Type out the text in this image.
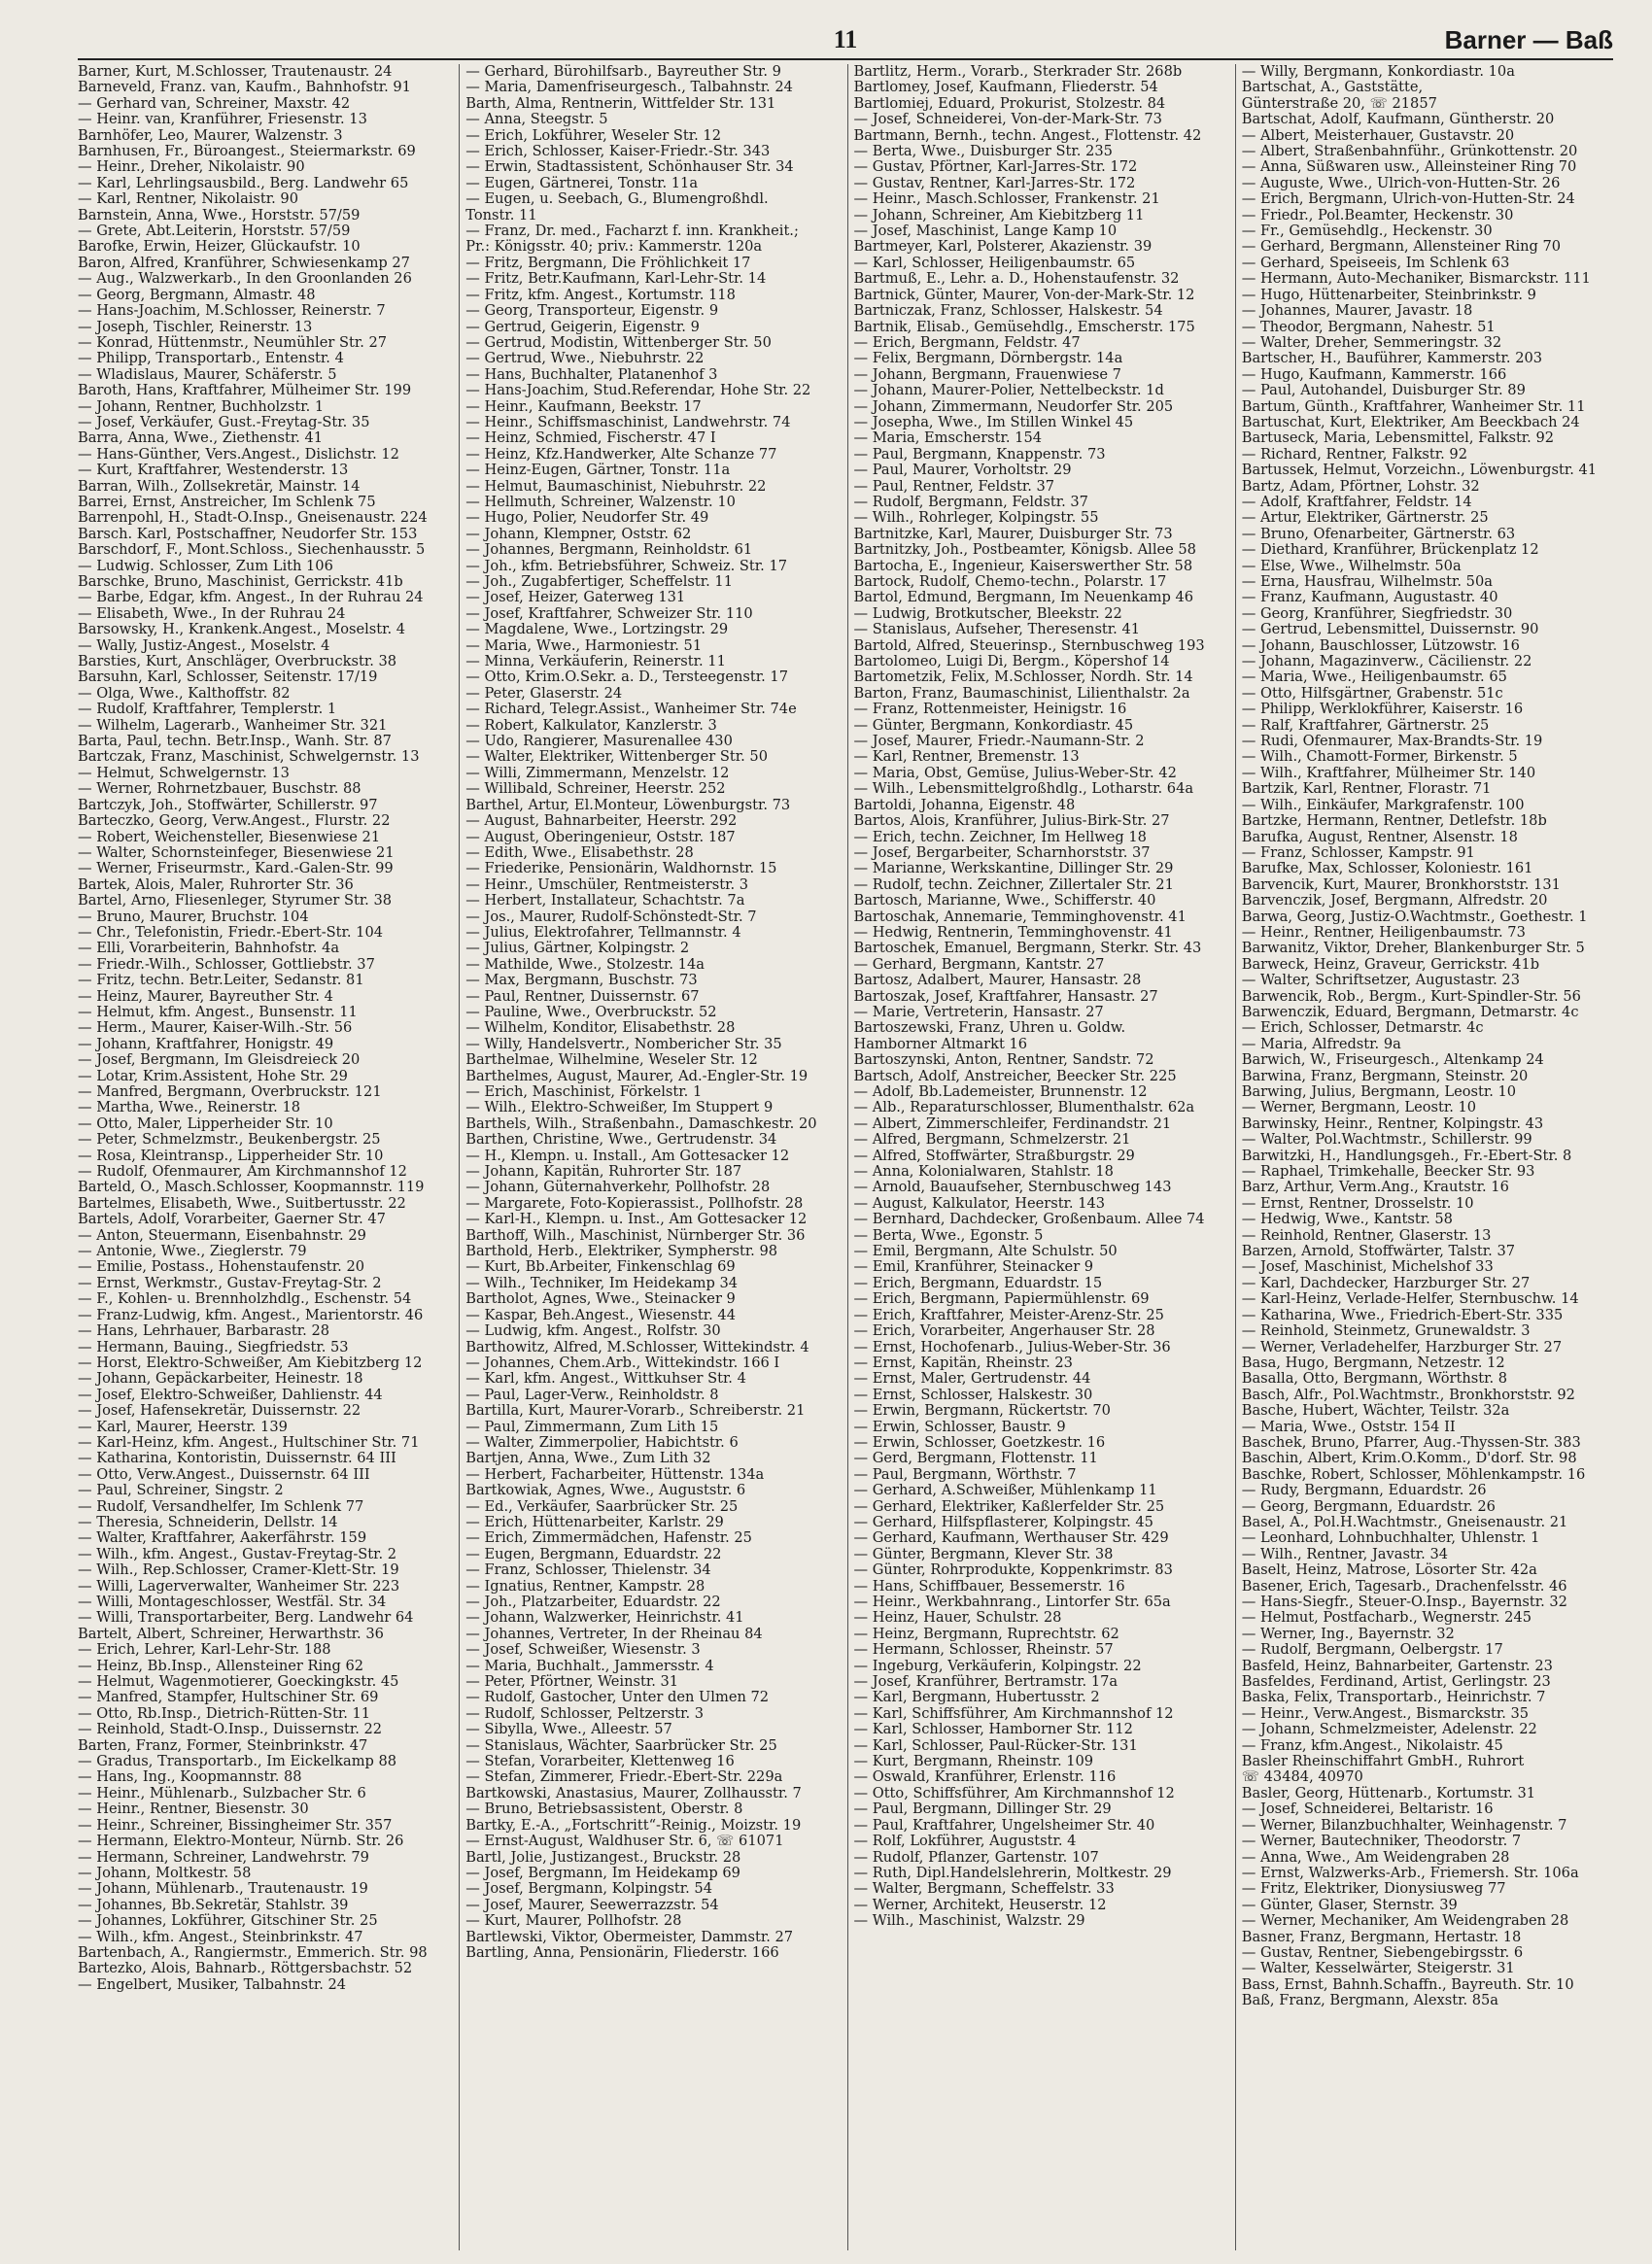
11	Barner — Baß
Barner, Kurt, M.Schlosser, Trautenaustr. 24
Barneveld, Franz. van, Kaufm., Bahnhofstr. 91
— Gerhard van, Schreiner, Maxstr. 42
— Heinr. van, Kranführer, Friesenstr. 13
Barnhöfer, Leo, Maurer, Walzenstr. 3
Barnhusen, Fr., Büroangest., Steiermarkstr. 69
— Heinr., Dreher, Nikolaistr. 90
— Karl, Lehrlingsausbild., Berg. Landwehr 65
— Karl, Rentner, Nikolaistr. 90
Barnstein, Anna, Wwe., Horststr. 57/59
— Grete, Abt.Leiterin, Horststr. 57/59
Barofke, Erwin, Heizer, Glückaufstr. 10
Baron, Alfred, Kranführer, Schwiesenkamp 27
— Aug., Walzwerkarb., In den Groonlanden 26
— Georg, Bergmann, Almastr. 48
— Hans-Joachim, M.Schlosser, Reinerstr. 7
— Joseph, Tischler, Reinerstr. 13
— Konrad, Hüttenmstr., Neumühler Str. 27
— Philipp, Transportarb., Entenstr. 4
— Wladislaus, Maurer, Schäferstr. 5
Baroth, Hans, Kraftfahrer, Mülheimer Str. 199
— Johann, Rentner, Buchholzstr. 1
— Josef, Verkäufer, Gust.-Freytag-Str. 35
Barra, Anna, Wwe., Ziethenstr. 41
— Hans-Günther, Vers.Angest., Dislichstr. 12
— Kurt, Kraftfahrer, Westenderstr. 13
Barran, Wilh., Zollsekretär, Mainstr. 14
Barrei, Ernst, Anstreicher, Im Schlenk 75
Barrenpohl, H., Stadt-O.Insp., Gneisenaustr. 224
Barsch. Karl, Postschaffner, Neudorfer Str. 153
Barschdorf, F., Mont.Schloss., Siechenhausstr. 5
— Ludwig. Schlosser, Zum Lith 106
Barschke, Bruno, Maschinist, Gerrickstr. 41b
— Barbe, Edgar, kfm. Angest., In der Ruhrau 24
— Elisabeth, Wwe., In der Ruhrau 24
Barsowsky, H., Krankenk.Angest., Moselstr. 4
— Wally, Justiz-Angest., Moselstr. 4
Barsties, Kurt, Anschläger, Overbruckstr. 38
Barsuhn, Karl, Schlosser, Seitenstr. 17/19
— Olga, Wwe., Kalthoffstr. 82
— Rudolf, Kraftfahrer, Templerstr. 1
— Wilhelm, Lagerarb., Wanheimer Str. 321
Barta, Paul, techn. Betr.Insp., Wanh. Str. 87
Bartczak, Franz, Maschinist, Schwelgernstr. 13
— Helmut, Schwelgernstr. 13
— Werner, Rohrnetzbauer, Buschstr. 88
Bartczyk, Joh., Stoffwärter, Schillerstr. 97
Barteczko, Georg, Verw.Angest., Flurstr. 22
— Robert, Weichensteller, Biesenwiese 21
— Walter, Schornsteinfeger, Biesenwiese 21
— Werner, Friseurmstr., Kard.-Galen-Str. 99
Bartek, Alois, Maler, Ruhrorter Str. 36
Bartel, Arno, Fliesenleger, Styrumer Str. 38
— Bruno, Maurer, Bruchstr. 104
— Chr., Telefonistin, Friedr.-Ebert-Str. 104
— Elli, Vorarbeiterin, Bahnhofstr. 4a
— Friedr.-Wilh., Schlosser, Gottliebstr. 37
— Fritz, techn. Betr.Leiter, Sedanstr. 81
— Heinz, Maurer, Bayreuther Str. 4
— Helmut, kfm. Angest., Bunsenstr. 11
— Herm., Maurer, Kaiser-Wilh.-Str. 56
— Johann, Kraftfahrer, Honigstr. 49
— Josef, Bergmann, Im Gleisdreieck 20
— Lotar, Krim.Assistent, Hohe Str. 29
— Manfred, Bergmann, Overbruckstr. 121
— Martha, Wwe., Reinerstr. 18
— Otto, Maler, Lipperheider Str. 10
— Peter, Schmelzmstr., Beukenbergstr. 25
— Rosa, Kleintransp., Lipperheider Str. 10
— Rudolf, Ofenmaurer, Am Kirchmannshof 12
Barteld, O., Masch.Schlosser, Koopmannstr. 119
Bartelmes, Elisabeth, Wwe., Suitbertusstr. 22
Bartels, Adolf, Vorarbeiter, Gaerner Str. 47
— Anton, Steuermann, Eisenbahnstr. 29
— Antonie, Wwe., Zieglerstr. 79
— Emilie, Postass., Hohenstaufenstr. 20
— Ernst, Werkmstr., Gustav-Freytag-Str. 2
— F., Kohlen- u. Brennholzhdlg., Eschenstr. 54
— Franz-Ludwig, kfm. Angest., Marientorstr. 46
— Hans, Lehrhauer, Barbarastr. 28
— Hermann, Bauing., Siegfriedstr. 53
— Horst, Elektro-Schweißer, Am Kiebitzberg 12
— Johann, Gepäckarbeiter, Heinestr. 18
— Josef, Elektro-Schweißer, Dahlienstr. 44
— Josef, Hafensekretär, Duissernstr. 22
— Karl, Maurer, Heerstr. 139
— Karl-Heinz, kfm. Angest., Hultschiner Str. 71
— Katharina, Kontoristin, Duissernstr. 64 III
— Otto, Verw.Angest., Duissernstr. 64 III
— Paul, Schreiner, Singstr. 2
— Rudolf, Versandhelfer, Im Schlenk 77
— Theresia, Schneiderin, Dellstr. 14
— Walter, Kraftfahrer, Aakerfährstr. 159
— Wilh., kfm. Angest., Gustav-Freytag-Str. 2
— Wilh., Rep.Schlosser, Cramer-Klett-Str. 19
— Willi, Lagerverwalter, Wanheimer Str. 223
— Willi, Montageschlosser, Westfäl. Str. 34
— Willi, Transportarbeiter, Berg. Landwehr 64
Bartelt, Albert, Schreiner, Herwarthstr. 36
— Erich, Lehrer, Karl-Lehr-Str. 188
— Heinz, Bb.Insp., Allensteiner Ring 62
— Helmut, Wagenmotierer, Goeckingkstr. 45
— Manfred, Stampfer, Hultschiner Str. 69
— Otto, Rb.Insp., Dietrich-Rütten-Str. 11
— Reinhold, Stadt-O.Insp., Duissernstr. 22
Barten, Franz, Former, Steinbrinkstr. 47
— Gradus, Transportarb., Im Eickelkamp 88
— Hans, Ing., Koopmannstr. 88
— Heinr., Mühlenarb., Sulzbacher Str. 6
— Heinr., Rentner, Biesenstr. 30
— Heinr., Schreiner, Bissingheimer Str. 357
— Hermann, Elektro-Monteur, Nürnb. Str. 26
— Hermann, Schreiner, Landwehrstr. 79
— Johann, Moltkestr. 58
— Johann, Mühlenarb., Trautenaustr. 19
— Johannes, Bb.Sekretär, Stahlstr. 39
— Johannes, Lokführer, Gitschiner Str. 25
— Wilh., kfm. Angest., Steinbrinkstr. 47
Bartenbach, A., Rangiermstr., Emmerich. Str. 98
Bartezko, Alois, Bahnarb., Röttgersbachstr. 52
— Engelbert, Musiker, Talbahnstr. 24
— Gerhard, Bürohilfsarb., Bayreuther Str. 9
— Maria, Damenfriseurgesch., Talbahnstr. 24
Barth, Alma, Rentnerin, Wittfelder Str. 131
— Anna, Steegstr. 5
— Erich, Lokführer, Weseler Str. 12
— Erich, Schlosser, Kaiser-Friedr.-Str. 343
— Erwin, Stadtassistent, Schönhauser Str. 34
— Eugen, Gärtnerei, Tonstr. 11a
— Eugen, u. Seebach, G., Blumengroßhdl.
Tonstr. 11
— Franz, Dr. med., Facharzt f. inn. Krankheit.;
Pr.: Königsstr. 40; priv.: Kammerstr. 120a
— Fritz, Bergmann, Die Fröhlichkeit 17
— Fritz, Betr.Kaufmann, Karl-Lehr-Str. 14
— Fritz, kfm. Angest., Kortumstr. 118
— Georg, Transporteur, Eigenstr. 9
— Gertrud, Geigerin, Eigenstr. 9
— Gertrud, Modistin, Wittenberger Str. 50
— Gertrud, Wwe., Niebuhrstr. 22
— Hans, Buchhalter, Platanenhof 3
— Hans-Joachim, Stud.Referendar, Hohe Str. 22
— Heinr., Kaufmann, Beekstr. 17
— Heinr., Schiffsmaschinist, Landwehrstr. 74
— Heinz, Schmied, Fischerstr. 47 I
— Heinz, Kfz.Handwerker, Alte Schanze 77
— Heinz-Eugen, Gärtner, Tonstr. 11a
— Helmut, Baumaschinist, Niebuhrstr. 22
— Hellmuth, Schreiner, Walzenstr. 10
— Hugo, Polier, Neudorfer Str. 49
— Johann, Klempner, Oststr. 62
— Johannes, Bergmann, Reinholdstr. 61
— Joh., kfm. Betriebsführer, Schweiz. Str. 17
— Joh., Zugabfertiger, Scheffelstr. 11
— Josef, Heizer, Gaterweg 131
— Josef, Kraftfahrer, Schweizer Str. 110
— Magdalene, Wwe., Lortzingstr. 29
— Maria, Wwe., Harmoniestr. 51
— Minna, Verkäuferin, Reinerstr. 11
— Otto, Krim.O.Sekr. a. D., Tersteegenstr. 17
— Peter, Glaserstr. 24
— Richard, Telegr.Assist., Wanheimer Str. 74e
— Robert, Kalkulator, Kanzlerstr. 3
— Udo, Rangierer, Masurenallee 430
— Walter, Elektriker, Wittenberger Str. 50
— Willi, Zimmermann, Menzelstr. 12
— Willibald, Schreiner, Heerstr. 252
Barthel, Artur, El.Monteur, Löwenburgstr. 73
— August, Bahnarbeiter, Heerstr. 292
— August, Oberingenieur, Oststr. 187
— Edith, Wwe., Elisabethstr. 28
— Friederike, Pensionärin, Waldhornstr. 15
— Heinr., Umschüler, Rentmeisterstr. 3
— Herbert, Installateur, Schachtstr. 7a
— Jos., Maurer, Rudolf-Schönstedt-Str. 7
— Julius, Elektrofahrer, Tellmannstr. 4
— Julius, Gärtner, Kolpingstr. 2
— Mathilde, Wwe., Stolzestr. 14a
— Max, Bergmann, Buschstr. 73
— Paul, Rentner, Duissernstr. 67
— Pauline, Wwe., Overbruckstr. 52
— Wilhelm, Konditor, Elisabethstr. 28
— Willy, Handelsvertr., Nombericher Str. 35
Barthelmae, Wilhelmine, Weseler Str. 12
Barthelmes, August, Maurer, Ad.-Engler-Str. 19
— Erich, Maschinist, Förkelstr. 1
— Wilh., Elektro-Schweißer, Im Stuppert 9
Barthels, Wilh., Straßenbahn., Damaschkestr. 20
Barthen, Christine, Wwe., Gertrudenstr. 34
— H., Klempn. u. Install., Am Gottesacker 12
— Johann, Kapitän, Ruhrorter Str. 187
— Johann, Güternahverkehr, Pollhofstr. 28
— Margarete, Foto-Kopierassist., Pollhofstr. 28
— Karl-H., Klempn. u. Inst., Am Gottesacker 12
Barthoff, Wilh., Maschinist, Nürnberger Str. 36
Barthold, Herb., Elektriker, Sympherstr. 98
— Kurt, Bb.Arbeiter, Finkenschlag 69
— Wilh., Techniker, Im Heidekamp 34
Bartholot, Agnes, Wwe., Steinacker 9
— Kaspar, Beh.Angest., Wiesenstr. 44
— Ludwig, kfm. Angest., Rolfstr. 30
Barthowitz, Alfred, M.Schlosser, Wittekindstr. 4
— Johannes, Chem.Arb., Wittekindstr. 166 I
— Karl, kfm. Angest., Wittkuhser Str. 4
— Paul, Lager-Verw., Reinholdstr. 8
Bartilla, Kurt, Maurer-Vorarb., Schreiberstr. 21
— Paul, Zimmermann, Zum Lith 15
— Walter, Zimmerpolier, Habichtstr. 6
Bartjen, Anna, Wwe., Zum Lith 32
— Herbert, Facharbeiter, Hüttenstr. 134a
Bartkowiak, Agnes, Wwe., Auguststr. 6
— Ed., Verkäufer, Saarbrücker Str. 25
— Erich, Hüttenarbeiter, Karlstr. 29
— Erich, Zimmermädchen, Hafenstr. 25
— Eugen, Bergmann, Eduardstr. 22
— Franz, Schlosser, Thielenstr. 34
— Ignatius, Rentner, Kampstr. 28
— Joh., Platzarbeiter, Eduardstr. 22
— Johann, Walzwerker, Heinrichstr. 41
— Johannes, Vertreter, In der Rheinau 84
— Josef, Schweißer, Wiesenstr. 3
— Maria, Buchhalt., Jammersstr. 4
— Peter, Pförtner, Weinstr. 31
— Rudolf, Gastocher, Unter den Ulmen 72
— Rudolf, Schlosser, Peltzerstr. 3
— Sibylla, Wwe., Alleestr. 57
— Stanislaus, Wächter, Saarbrücker Str. 25
— Stefan, Vorarbeiter, Klettenweg 16
— Stefan, Zimmerer, Friedr.-Ebert-Str. 229a
Bartkowski, Anastasius, Maurer, Zollhausstr. 7
— Bruno, Betriebsassistent, Oberstr. 8
Bartky, E.-A., „Fortschritt“-Reinig., Moizstr. 19
— Ernst-August, Waldhuser Str. 6, ☏ 61071
Bartl, Jolie, Justizangest., Bruckstr. 28
— Josef, Bergmann, Im Heidekamp 69
— Josef, Bergmann, Kolpingstr. 54
— Josef, Maurer, Seewerrazzstr. 54
— Kurt, Maurer, Pollhofstr. 28
Bartlewski, Viktor, Obermeister, Dammstr. 27
Bartling, Anna, Pensionärin, Fliederstr. 166
Bartlitz, Herm., Vorarb., Sterkrader Str. 268b
Bartlomey, Josef, Kaufmann, Fliederstr. 54
Bartlomiej, Eduard, Prokurist, Stolzestr. 84
— Josef, Schneiderei, Von-der-Mark-Str. 73
Bartmann, Bernh., techn. Angest., Flottenstr. 42
— Berta, Wwe., Duisburger Str. 235
— Gustav, Pförtner, Karl-Jarres-Str. 172
— Gustav, Rentner, Karl-Jarres-Str. 172
— Heinr., Masch.Schlosser, Frankenstr. 21
— Johann, Schreiner, Am Kiebitzberg 11
— Josef, Maschinist, Lange Kamp 10
Bartmeyer, Karl, Polsterer, Akazienstr. 39
— Karl, Schlosser, Heiligenbaumstr. 65
Bartmuß, E., Lehr. a. D., Hohenstaufenstr. 32
Bartnick, Günter, Maurer, Von-der-Mark-Str. 12
Bartniczak, Franz, Schlosser, Halskestr. 54
Bartnik, Elisab., Gemüsehdlg., Emscherstr. 175
— Erich, Bergmann, Feldstr. 47
— Felix, Bergmann, Dörnbergstr. 14a
— Johann, Bergmann, Frauenwiese 7
— Johann, Maurer-Polier, Nettelbeckstr. 1d
— Johann, Zimmermann, Neudorfer Str. 205
— Josepha, Wwe., Im Stillen Winkel 45
— Maria, Emscherstr. 154
— Paul, Bergmann, Knappenstr. 73
— Paul, Maurer, Vorholtstr. 29
— Paul, Rentner, Feldstr. 37
— Rudolf, Bergmann, Feldstr. 37
— Wilh., Rohrleger, Kolpingstr. 55
Bartnitzke, Karl, Maurer, Duisburger Str. 73
Bartnitzky, Joh., Postbeamter, Königsb. Allee 58
Bartocha, E., Ingenieur, Kaiserswerther Str. 58
Bartock, Rudolf, Chemo-techn., Polarstr. 17
Bartol, Edmund, Bergmann, Im Neuenkamp 46
— Ludwig, Brotkutscher, Bleekstr. 22
— Stanislaus, Aufseher, Theresenstr. 41
Bartold, Alfred, Steuerinsp., Sternbuschweg 193
Bartolomeo, Luigi Di, Bergm., Köpershof 14
Bartometzik, Felix, M.Schlosser, Nordh. Str. 14
Barton, Franz, Baumaschinist, Lilienthalstr. 2a
— Franz, Rottenmeister, Heinigstr. 16
— Günter, Bergmann, Konkordiastr. 45
— Josef, Maurer, Friedr.-Naumann-Str. 2
— Karl, Rentner, Bremenstr. 13
— Maria, Obst, Gemüse, Julius-Weber-Str. 42
— Wilh., Lebensmittelgroßhdlg., Lotharstr. 64a
Bartoldi, Johanna, Eigenstr. 48
Bartos, Alois, Kranführer, Julius-Birk-Str. 27
— Erich, techn. Zeichner, Im Hellweg 18
— Josef, Bergarbeiter, Scharnhorststr. 37
— Marianne, Werkskantine, Dillinger Str. 29
— Rudolf, techn. Zeichner, Zillertaler Str. 21
Bartosch, Marianne, Wwe., Schifferstr. 40
Bartoschak, Annemarie, Temminghovenstr. 41
— Hedwig, Rentnerin, Temminghovenstr. 41
Bartoschek, Emanuel, Bergmann, Sterkr. Str. 43
— Gerhard, Bergmann, Kantstr. 27
Bartosz, Adalbert, Maurer, Hansastr. 28
Bartoszak, Josef, Kraftfahrer, Hansastr. 27
— Marie, Vertreterin, Hansastr. 27
Bartoszewski, Franz, Uhren u. Goldw.
Hamborner Altmarkt 16
Bartoszynski, Anton, Rentner, Sandstr. 72
Bartsch, Adolf, Anstreicher, Beecker Str. 225
— Adolf, Bb.Lademeister, Brunnenstr. 12
— Alb., Reparaturschlosser, Blumenthalstr. 62a
— Albert, Zimmerschleifer, Ferdinandstr. 21
— Alfred, Bergmann, Schmelzerstr. 21
— Alfred, Stoffwärter, Straßburgstr. 29
— Anna, Kolonialwaren, Stahlstr. 18
— Arnold, Bauaufseher, Sternbuschweg 143
— August, Kalkulator, Heerstr. 143
— Bernhard, Dachdecker, Großenbaum. Allee 74
— Berta, Wwe., Egonstr. 5
— Emil, Bergmann, Alte Schulstr. 50
— Emil, Kranführer, Steinacker 9
— Erich, Bergmann, Eduardstr. 15
— Erich, Bergmann, Papiermühlenstr. 69
— Erich, Kraftfahrer, Meister-Arenz-Str. 25
— Erich, Vorarbeiter, Angerhauser Str. 28
— Ernst, Hochofenarb., Julius-Weber-Str. 36
— Ernst, Kapitän, Rheinstr. 23
— Ernst, Maler, Gertrudenstr. 44
— Ernst, Schlosser, Halskestr. 30
— Erwin, Bergmann, Rückertstr. 70
— Erwin, Schlosser, Baustr. 9
— Erwin, Schlosser, Goetzkestr. 16
— Gerd, Bergmann, Flottenstr. 11
— Paul, Bergmann, Wörthstr. 7
— Gerhard, A.Schweißer, Mühlenkamp 11
— Gerhard, Elektriker, Kaßlerfelder Str. 25
— Gerhard, Hilfspflasterer, Kolpingstr. 45
— Gerhard, Kaufmann, Werthauser Str. 429
— Günter, Bergmann, Klever Str. 38
— Günter, Rohrprodukte, Koppenkrimstr. 83
— Hans, Schiffbauer, Bessemerstr. 16
— Heinr., Werkbahnrang., Lintorfer Str. 65a
— Heinz, Hauer, Schulstr. 28
— Heinz, Bergmann, Ruprechtstr. 62
— Hermann, Schlosser, Rheinstr. 57
— Ingeburg, Verkäuferin, Kolpingstr. 22
— Josef, Kranführer, Bertramstr. 17a
— Karl, Bergmann, Hubertusstr. 2
— Karl, Schiffsführer, Am Kirchmannshof 12
— Karl, Schlosser, Hamborner Str. 112
— Karl, Schlosser, Paul-Rücker-Str. 131
— Kurt, Bergmann, Rheinstr. 109
— Oswald, Kranführer, Erlenstr. 116
— Otto, Schiffsführer, Am Kirchmannshof 12
— Paul, Bergmann, Dillinger Str. 29
— Paul, Kraftfahrer, Ungelsheimer Str. 40
— Rolf, Lokführer, Auguststr. 4
— Rudolf, Pflanzer, Gartenstr. 107
— Ruth, Dipl.Handelslehrerin, Moltkestr. 29
— Walter, Bergmann, Scheffelstr. 33
— Werner, Architekt, Heuserstr. 12
— Wilh., Maschinist, Walzstr. 29
— Willy, Bergmann, Konkordiastr. 10a
Bartschat, A., Gaststätte,
Günterstraße 20, ☏ 21857
Bartschat, Adolf, Kaufmann, Güntherstr. 20
— Albert, Meisterhauer, Gustavstr. 20
— Albert, Straßenbahnführ., Grünkottenstr. 20
— Anna, Süßwaren usw., Alleinsteiner Ring 70
— Auguste, Wwe., Ulrich-von-Hutten-Str. 26
— Erich, Bergmann, Ulrich-von-Hutten-Str. 24
— Friedr., Pol.Beamter, Heckenstr. 30
— Fr., Gemüsehdlg., Heckenstr. 30
— Gerhard, Bergmann, Allensteiner Ring 70
— Gerhard, Speiseeis, Im Schlenk 63
— Hermann, Auto-Mechaniker, Bismarckstr. 111
— Hugo, Hüttenarbeiter, Steinbrinkstr. 9
— Johannes, Maurer, Javastr. 18
— Theodor, Bergmann, Nahestr. 51
— Walter, Dreher, Semmeringstr. 32
Bartscher, H., Bauführer, Kammerstr. 203
— Hugo, Kaufmann, Kammerstr. 166
— Paul, Autohandel, Duisburger Str. 89
Bartum, Günth., Kraftfahrer, Wanheimer Str. 11
Bartuschat, Kurt, Elektriker, Am Beeckbach 24
Bartuseck, Maria, Lebensmittel, Falkstr. 92
— Richard, Rentner, Falkstr. 92
Bartussek, Helmut, Vorzeichn., Löwenburgstr. 41
Bartz, Adam, Pförtner, Lohstr. 32
— Adolf, Kraftfahrer, Feldstr. 14
— Artur, Elektriker, Gärtnerstr. 25
— Bruno, Ofenarbeiter, Gärtnerstr. 63
— Diethard, Kranführer, Brückenplatz 12
— Else, Wwe., Wilhelmstr. 50a
— Erna, Hausfrau, Wilhelmstr. 50a
— Franz, Kaufmann, Augustastr. 40
— Georg, Kranführer, Siegfriedstr. 30
— Gertrud, Lebensmittel, Duissernstr. 90
— Johann, Bauschlosser, Lützowstr. 16
— Johann, Magazinverw., Cäcilienstr. 22
— Maria, Wwe., Heiligenbaumstr. 65
— Otto, Hilfsgärtner, Grabenstr. 51c
— Philipp, Werklokführer, Kaiserstr. 16
— Ralf, Kraftfahrer, Gärtnerstr. 25
— Rudi, Ofenmaurer, Max-Brandts-Str. 19
— Wilh., Chamott-Former, Birkenstr. 5
— Wilh., Kraftfahrer, Mülheimer Str. 140
Bartzik, Karl, Rentner, Florastr. 71
— Wilh., Einkäufer, Markgrafenstr. 100
Bartzke, Hermann, Rentner, Detlefstr. 18b
Barufka, August, Rentner, Alsenstr. 18
— Franz, Schlosser, Kampstr. 91
Barufke, Max, Schlosser, Koloniestr. 161
Barvencik, Kurt, Maurer, Bronkhorststr. 131
Barvenczik, Josef, Bergmann, Alfredstr. 20
Barwa, Georg, Justiz-O.Wachtmstr., Goethestr. 1
— Heinr., Rentner, Heiligenbaumstr. 73
Barwanitz, Viktor, Dreher, Blankenburger Str. 5
Barweck, Heinz, Graveur, Gerrickstr. 41b
— Walter, Schriftsetzer, Augustastr. 23
Barwencik, Rob., Bergm., Kurt-Spindler-Str. 56
Barwenczik, Eduard, Bergmann, Detmarstr. 4c
— Erich, Schlosser, Detmarstr. 4c
— Maria, Alfredstr. 9a
Barwich, W., Friseurgesch., Altenkamp 24
Barwina, Franz, Bergmann, Steinstr. 20
Barwing, Julius, Bergmann, Leostr. 10
— Werner, Bergmann, Leostr. 10
Barwinsky, Heinr., Rentner, Kolpingstr. 43
— Walter, Pol.Wachtmstr., Schillerstr. 99
Barwitzki, H., Handlungsgeh., Fr.-Ebert-Str. 8
— Raphael, Trimkehalle, Beecker Str. 93
Barz, Arthur, Verm.Ang., Krautstr. 16
— Ernst, Rentner, Drosselstr. 10
— Hedwig, Wwe., Kantstr. 58
— Reinhold, Rentner, Glaserstr. 13
Barzen, Arnold, Stoffwärter, Talstr. 37
— Josef, Maschinist, Michelshof 33
— Karl, Dachdecker, Harzburger Str. 27
— Karl-Heinz, Verlade-Helfer, Sternbuschw. 14
— Katharina, Wwe., Friedrich-Ebert-Str. 335
— Reinhold, Steinmetz, Grunewaldstr. 3
— Werner, Verladehelfer, Harzburger Str. 27
Basa, Hugo, Bergmann, Netzestr. 12
Basalla, Otto, Bergmann, Wörthstr. 8
Basch, Alfr., Pol.Wachtmstr., Bronkhorststr. 92
Basche, Hubert, Wächter, Teilstr. 32a
— Maria, Wwe., Oststr. 154 II
Baschek, Bruno, Pfarrer, Aug.-Thyssen-Str. 383
Baschin, Albert, Krim.O.Komm., D'dorf. Str. 98
Baschke, Robert, Schlosser, Möhlenkampstr. 16
— Rudy, Bergmann, Eduardstr. 26
— Georg, Bergmann, Eduardstr. 26
Basel, A., Pol.H.Wachtmstr., Gneisenaustr. 21
— Leonhard, Lohnbuchhalter, Uhlenstr. 1
— Wilh., Rentner, Javastr. 34
Baselt, Heinz, Matrose, Lösorter Str. 42a
Basener, Erich, Tagesarb., Drachenfelsstr. 46
— Hans-Siegfr., Steuer-O.Insp., Bayernstr. 32
— Helmut, Postfacharb., Wegnerstr. 245
— Werner, Ing., Bayernstr. 32
— Rudolf, Bergmann, Oelbergstr. 17
Basfeld, Heinz, Bahnarbeiter, Gartenstr. 23
Basfeldes, Ferdinand, Artist, Gerlingstr. 23
Baska, Felix, Transportarb., Heinrichstr. 7
— Heinr., Verw.Angest., Bismarckstr. 35
— Johann, Schmelzmeister, Adelenstr. 22
— Franz, kfm.Angest., Nikolaistr. 45
Basler Rheinschiffahrt GmbH., Ruhrort
☏ 43484, 40970
Basler, Georg, Hüttenarb., Kortumstr. 31
— Josef, Schneiderei, Beltaristr. 16
— Werner, Bilanzbuchhalter, Weinhagenstr. 7
— Werner, Bautechniker, Theodorstr. 7
— Anna, Wwe., Am Weidengraben 28
— Ernst, Walzwerks-Arb., Friemersh. Str. 106a
— Fritz, Elektriker, Dionysiusweg 77
— Günter, Glaser, Sternstr. 39
— Werner, Mechaniker, Am Weidengraben 28
Basner, Franz, Bergmann, Hertastr. 18
— Gustav, Rentner, Siebengebirgsstr. 6
— Walter, Kesselwärter, Steigerstr. 31
Bass, Ernst, Bahnh.Schaffn., Bayreuth. Str. 10
Baß, Franz, Bergmann, Alexstr. 85a
